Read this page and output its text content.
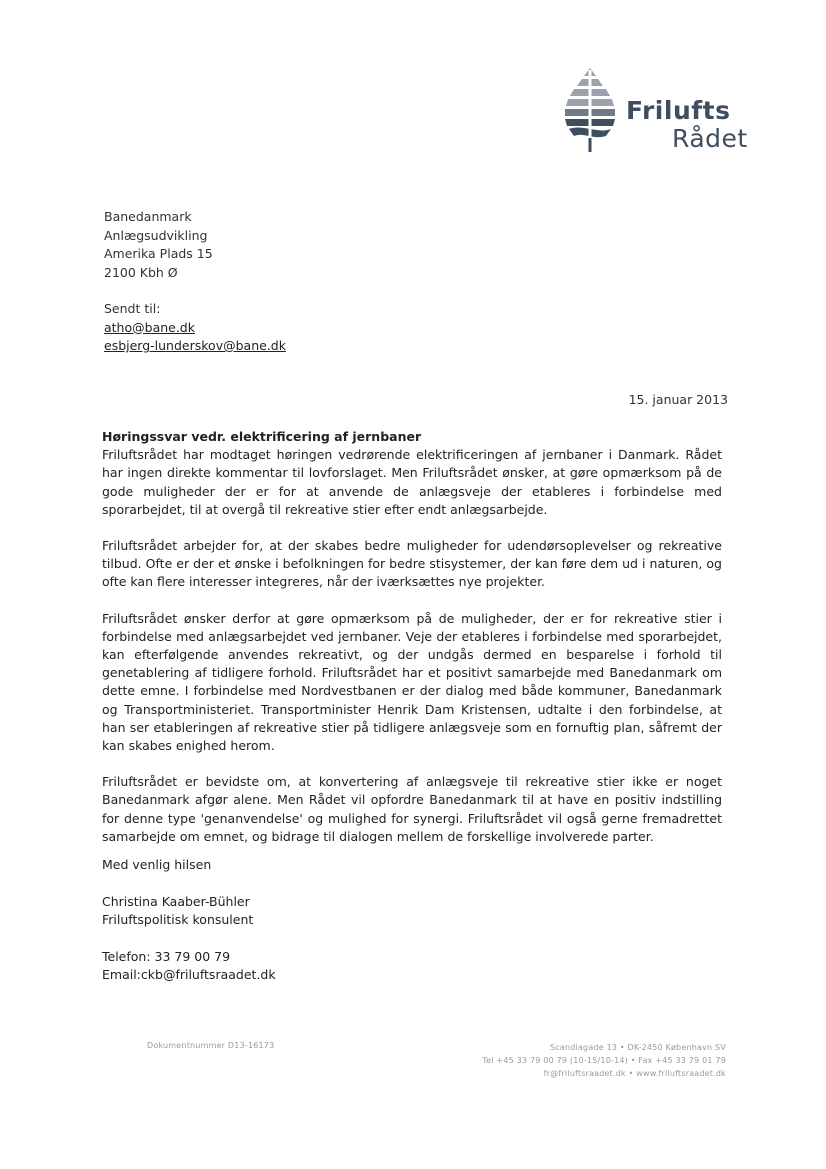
Frilufts
Rådet
Banedanmark
Anlægsudvikling
Amerika Plads 15
2100 Kbh Ø
Sendt til:
atho@bane.dk
esbjerg-lunderskov@bane.dk
15. januar 2013
Høringssvar vedr. elektrificering af jernbaner

Friluftsrådet har modtaget høringen vedrørende elektrificeringen af jernbaner i Danmark. Rådet har ingen direkte kommentar til lovforslaget. Men Friluftsrådet ønsker, at gøre opmærksom på de gode muligheder der er for at anvende de anlægsveje der etableres i forbindelse med sporarbejdet, til at overgå til rekreative stier efter endt anlægsarbejde.

Friluftsrådet arbejder for, at der skabes bedre muligheder for udendørsoplevelser og rekreative tilbud. Ofte er der et ønske i befolkningen for bedre stisystemer, der kan føre dem ud i naturen, og ofte kan flere interesser integreres, når der iværksættes nye projekter.

Friluftsrådet ønsker derfor at gøre opmærksom på de muligheder, der er for rekreative stier i forbindelse med anlægsarbejdet ved jernbaner. Veje der etableres i forbindelse med sporarbejdet, kan efterfølgende anvendes rekreativt, og der undgås dermed en besparelse i forhold til genetablering af tidligere forhold. Friluftsrådet har et positivt samarbejde med Banedanmark om dette emne. I forbindelse med Nordvestbanen er der dialog med både kommuner, Banedanmark og Transportministeriet. Transportminister Henrik Dam Kristensen, udtalte i den forbindelse, at han ser etableringen af rekreative stier på tidligere anlægsveje som en fornuftig plan, såfremt der kan skabes enighed herom.

Friluftsrådet er bevidste om, at konvertering af anlægsveje til rekreative stier ikke er noget Banedanmark afgør alene. Men Rådet vil opfordre Banedanmark til at have en positiv indstilling for denne type 'genanvendelse' og mulighed for synergi. Friluftsrådet vil også gerne fremadrettet samarbejde om emnet, og bidrage til dialogen mellem de forskellige involverede parter.

Med venlig hilsen
Christina Kaaber-Bühler
Friluftspolitisk konsulent
Telefon: 33 79 00 79
Email:ckb@friluftsraadet.dk
Dokumentnummer D13-16173	Scandiagade 13 • DK-2450 København SV
Tel +45 33 79 00 79 (10-15/10-14) • Fax +45 33 79 01 79
fr@friluftsraadet.dk • www.friluftsraadet.dk
